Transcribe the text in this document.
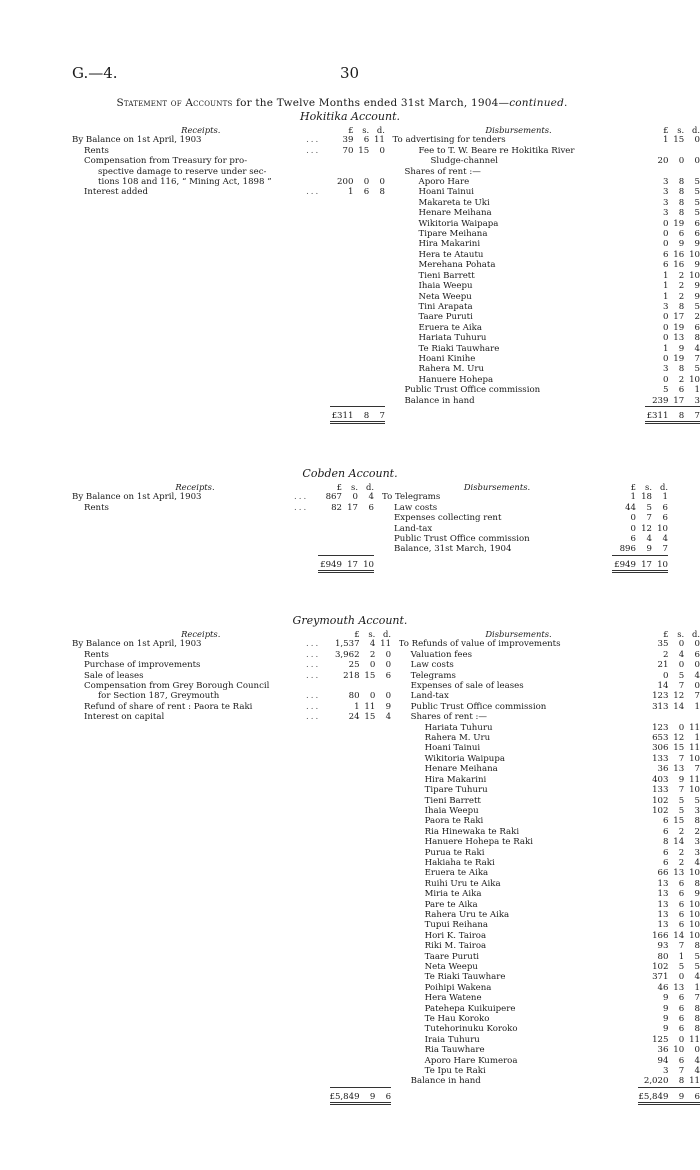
G.—4.	30
Statement of Accounts for the Twelve Months ended 31st March, 1904—continued.
Hokitika Account.
Receipts.		£	s.	d.		Disbursements.		£	s.	d.
By Balance on 1st April, 1903	...	39	6	11		To advertising for tenders		1	15	0
Rents	...	70	15	0		Fee to T. W. Beare re Hokitika River				
Compensation from Treasury for pro-						Sludge-channel		20	0	0
spective damage to reserve under sec-						Shares of rent :—				
tions 108 and 116, “ Mining Act, 1898 ”		200	0	0		Aporo Hare		3	8	5
Interest added	...	1	6	8		Hoani Tainui		3	8	5
						Makareta te Uki		3	8	5
						Henare Meihana		3	8	5
						Wikitoria Waipapa		0	19	6
						Tipare Meihana		0	6	6
						Hira Makarini		0	9	9
						Hera te Atautu		6	16	10
						Merehana Pohata		6	16	9
						Tieni Barrett		1	2	10
						Ihaia Weepu		1	2	9
						Neta Weepu		1	2	9
						Tini Arapata		3	8	5
						Taare Puruti		0	17	2
						Eruera te Aika		0	19	6
						Hariata Tuhuru		0	13	8
						Te Riaki Tauwhare		1	9	4
						Hoani Kinihe		0	19	7
						Rahera M. Uru		3	8	5
						Hanuere Hohepa		0	2	10
						Public Trust Office commission		5	6	1
						Balance in hand		239	17	3
		£311	8	7				£311	8	7
Cobden Account.
Receipts.		£	s.	d.		Disbursements.		£	s.	d.
By Balance on 1st April, 1903	...	867	0	4		To Telegrams		1	18	1
Rents	...	82	17	6		Law costs		44	5	6
						Expenses collecting rent		0	7	6
						Land-tax		0	12	10
						Public Trust Office commission		6	4	4
						Balance, 31st March, 1904		896	9	7
		£949	17	10				£949	17	10
Greymouth Account.
Receipts.		£	s.	d.		Disbursements.		£	s.	d.
By Balance on 1st April, 1903	...	1,537	4	11		To Refunds of value of improvements		35	0	0
Rents	...	3,962	2	0		Valuation fees		2	4	6
Purchase of improvements	...	25	0	0		Law costs		21	0	0
Sale of leases	...	218	15	6		Telegrams		0	5	4
Compensation from Grey Borough Council						Expenses of sale of leases		14	7	0
for Section 187, Greymouth	...	80	0	0		Land-tax		123	12	7
Refund of share of rent : Paora te Raki	...	1	11	9		Public Trust Office commission		313	14	1
Interest on capital	...	24	15	4		Shares of rent :—				
						Hariata Tuhuru		123	0	11
						Rahera M. Uru		653	12	1
						Hoani Tainui		306	15	11
						Wikitoria Waipupa		133	7	10
						Henare Meihana		36	13	7
						Hira Makarini		403	9	11
						Tipare Tuhuru		133	7	10
						Tieni Barrett		102	5	5
						Ihaia Weepu		102	5	3
						Paora te Raki		6	15	8
						Ria Hinewaka te Raki		6	2	2
						Hanuere Hohepa te Raki		8	14	3
						Purua te Raki		6	2	3
						Hakiaha te Raki		6	2	4
						Eruera te Aika		66	13	10
						Ruihi Uru te Aika		13	6	8
						Miria te Aika		13	6	9
						Pare te Aika		13	6	10
						Rahera Uru te Aika		13	6	10
						Tupui Reihana		13	6	10
						Hori K. Tairoa		166	14	10
						Riki M. Tairoa		93	7	8
						Taare Puruti		80	1	5
						Neta Weepu		102	5	5
						Te Riaki Tauwhare		371	0	4
						Poihipi Wakena		46	13	1
						Hera Watene		9	6	7
						Patehepa Kuikuipere		9	6	8
						Te Hau Koroko		9	6	8
						Tutehorinuku Koroko		9	6	8
						Iraia Tuhuru		125	0	11
						Ria Tauwhare		36	10	0
						Aporo Hare Kumeroa		94	6	4
						Te Ipu te Raki		3	7	4
						Balance in hand		2,020	8	11
		£5,849	9	6				£5,849	9	6
